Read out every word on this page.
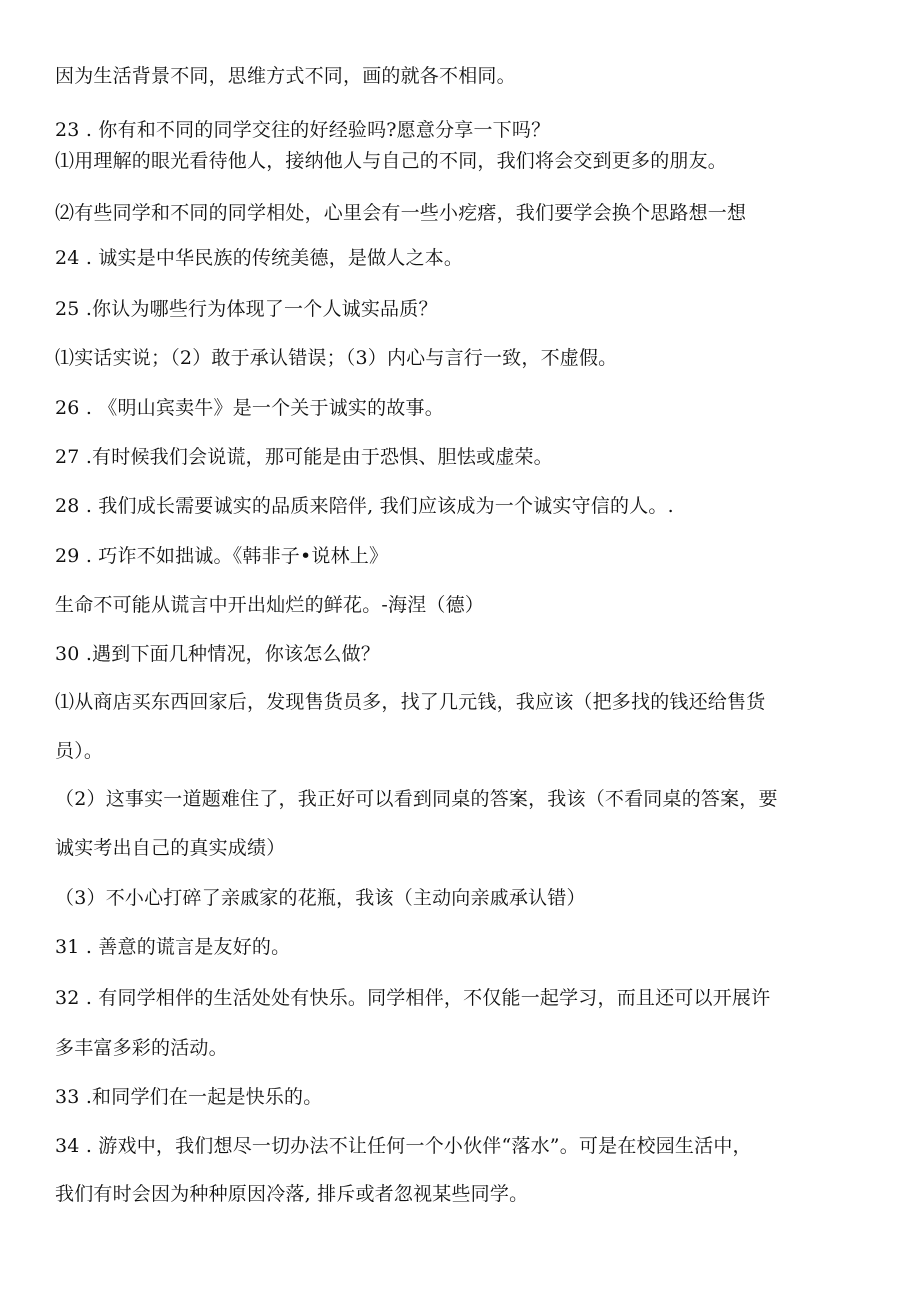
因为生活背景不同，思维方式不同，画的就各不相同。
23 . 你有和不同的同学交往的好经验吗?愿意分享一下吗？
⑴用理解的眼光看待他人，接纳他人与自己的不同，我们将会交到更多的朋友。
⑵有些同学和不同的同学相处，心里会有一些小疙瘩，我们要学会换个思路想一想
24 . 诚实是中华民族的传统美德，是做人之本。
25 .你认为哪些行为体现了一个人诚实品质？
⑴实话实说；（2）敢于承认错误；（3）内心与言行一致，不虚假。
26 . 《明山宾卖牛》是一个关于诚实的故事。
27 .有时候我们会说谎，那可能是由于恐惧、胆怯或虚荣。
28 . 我们成长需要诚实的品质来陪伴, 我们应该成为一个诚实守信的人。.
29 . 巧诈不如拙诚。《韩非子•说林上》
生命不可能从谎言中开出灿烂的鲜花。-海涅（德）
30 .遇到下面几种情况，你该怎么做？
⑴从商店买东西回家后，发现售货员多，找了几元钱，我应该（把多找的钱还给售货
员）。
（2）这事实一道题难住了，我正好可以看到同桌的答案，我该（不看同桌的答案，要
诚实考出自己的真实成绩）
（3）不小心打碎了亲戚家的花瓶，我该（主动向亲戚承认错）
31 . 善意的谎言是友好的。
32 . 有同学相伴的生活处处有快乐。同学相伴，不仅能一起学习，而且还可以开展许
多丰富多彩的活动。
33 .和同学们在一起是快乐的。
34 . 游戏中，我们想尽一切办法不让任何一个小伙伴“落水”。可是在校园生活中，
我们有时会因为种种原因冷落, 排斥或者忽视某些同学。
